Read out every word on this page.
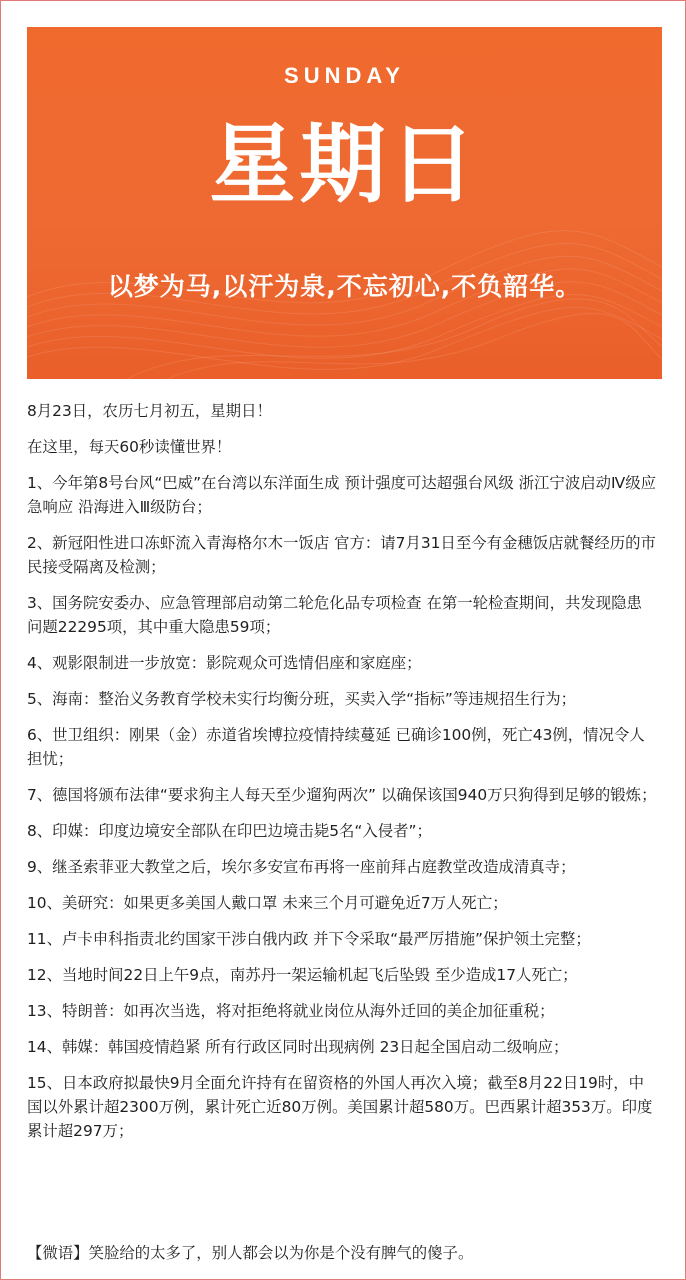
SUNDAY
星期日
以梦为马,以汗为泉,不忘初心,不负韶华。

8月23日，农历七月初五，星期日！

在这里，每天60秒读懂世界！

1、今年第8号台风“巴威”在台湾以东洋面生成 预计强度可达超强台风级 浙江宁波启动Ⅳ级应急响应 沿海进入Ⅲ级防台；

2、新冠阳性进口冻虾流入青海格尔木一饭店 官方：请7月31日至今有金穗饭店就餐经历的市民接受隔离及检测；

3、国务院安委办、应急管理部启动第二轮危化品专项检查 在第一轮检查期间，共发现隐患问题22295项，其中重大隐患59项；

4、观影限制进一步放宽：影院观众可选情侣座和家庭座；

5、海南：整治义务教育学校未实行均衡分班，买卖入学“指标”等违规招生行为；

6、世卫组织：刚果（金）赤道省埃博拉疫情持续蔓延 已确诊100例，死亡43例，情况令人担忧；

7、德国将颁布法律“要求狗主人每天至少遛狗两次” 以确保该国940万只狗得到足够的锻炼；

8、印媒：印度边境安全部队在印巴边境击毙5名“入侵者”；

9、继圣索菲亚大教堂之后，埃尔多安宣布再将一座前拜占庭教堂改造成清真寺；

10、美研究：如果更多美国人戴口罩 未来三个月可避免近7万人死亡；

11、卢卡申科指责北约国家干涉白俄内政 并下令采取“最严厉措施”保护领土完整；

12、当地时间22日上午9点，南苏丹一架运输机起飞后坠毁 至少造成17人死亡；

13、特朗普：如再次当选，将对拒绝将就业岗位从海外迁回的美企加征重税；

14、韩媒：韩国疫情趋紧 所有行政区同时出现病例 23日起全国启动二级响应；

15、日本政府拟最快9月全面允许持有在留资格的外国人再次入境；截至8月22日19时，中国以外累计超2300万例，累计死亡近80万例。美国累计超580万。巴西累计超353万。印度累计超297万；

【微语】笑脸给的太多了，别人都会以为你是个没有脾气的傻子。
